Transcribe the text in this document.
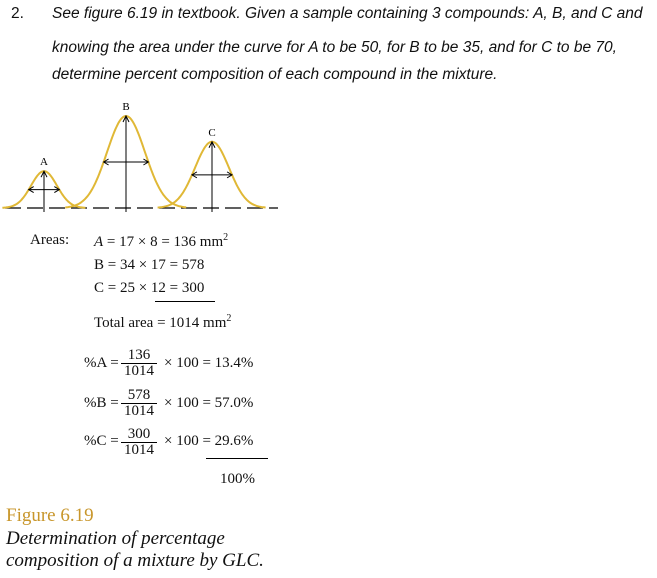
2. See figure 6.19 in textbook. Given a sample containing 3 compounds: A, B, and C and
knowing the area under the curve for A to be 50, for B to be 35, and for C to be 70,
determine percent composition of each compound in the mixture.
A
B
C
Areas: A = 17 × 8 = 136 $mm^2$
B = 34 × 17 = 578
C = 25 × 12 = 300
Total area = 1014 $mm^2$
$\%A = \frac{136}{1014} \times 100 = 13.4\%$
$\%B = \frac{578}{1014} \times 100 = 57.0\%$
$\%C = \frac{300}{1014} \times 100 = 29.6\%$
100%
Figure 6.19
Determination of percentage composition of a mixture by GLC.
